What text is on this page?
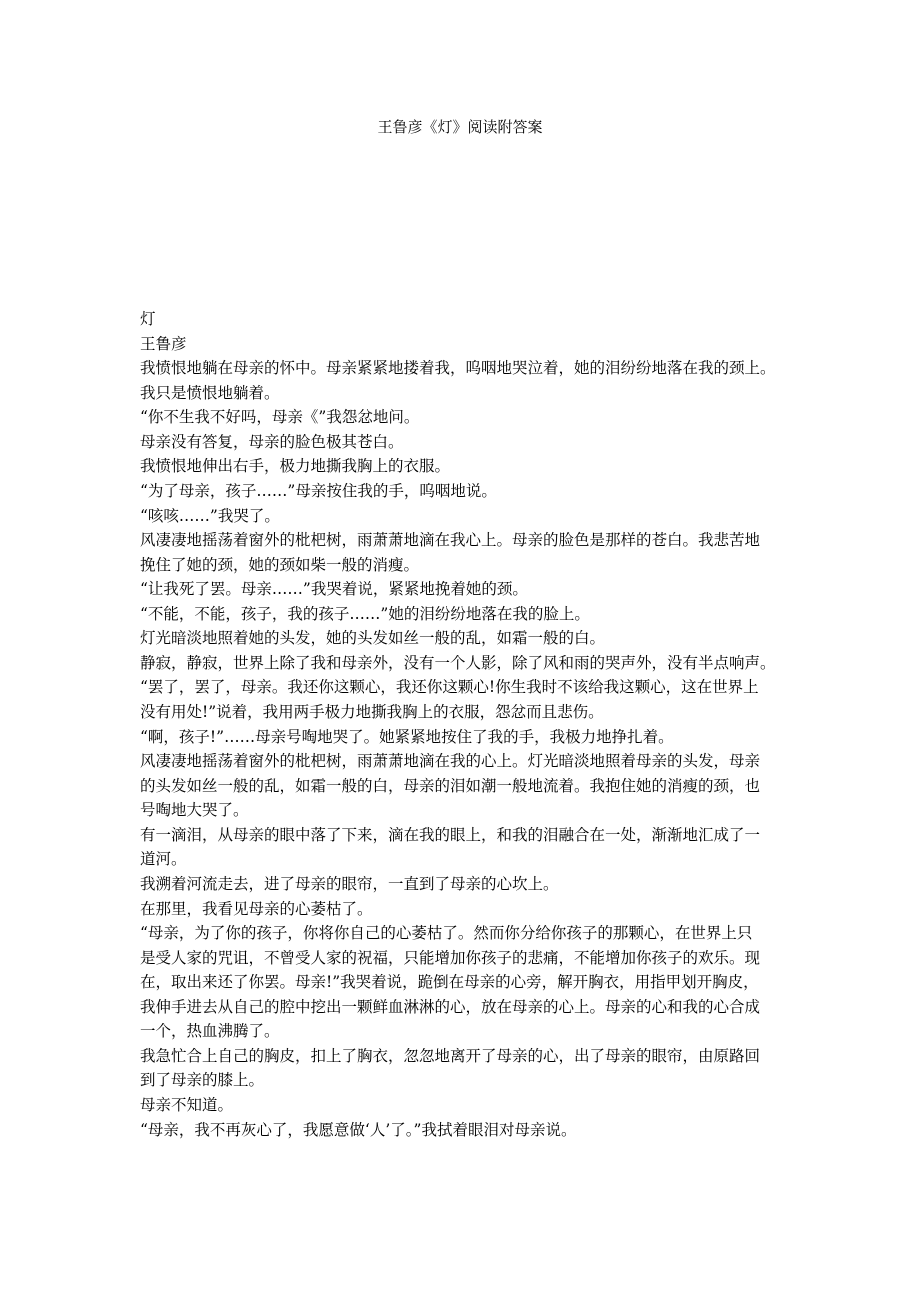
王鲁彦《灯》阅读附答案
灯
王鲁彦
我愤恨地躺在母亲的怀中。母亲紧紧地搂着我，呜咽地哭泣着，她的泪纷纷地落在我的颈上。
我只是愤恨地躺着。
“你不生我不好吗，母亲《”我怨忿地问。
母亲没有答复，母亲的脸色极其苍白。
我愤恨地伸出右手，极力地撕我胸上的衣服。
“为了母亲，孩子……”母亲按住我的手，呜咽地说。
“咳咳……”我哭了。
风凄凄地摇荡着窗外的枇杷树，雨萧萧地滴在我心上。母亲的脸色是那样的苍白。我悲苦地
挽住了她的颈，她的颈如柴一般的消瘦。
“让我死了罢。母亲……”我哭着说，紧紧地挽着她的颈。
“不能，不能，孩子，我的孩子……”她的泪纷纷地落在我的脸上。
灯光暗淡地照着她的头发，她的头发如丝一般的乱，如霜一般的白。
静寂，静寂，世界上除了我和母亲外，没有一个人影，除了风和雨的哭声外，没有半点响声。
“罢了，罢了，母亲。我还你这颗心，我还你这颗心!你生我时不该给我这颗心，这在世界上
没有用处!”说着，我用两手极力地撕我胸上的衣服，怨忿而且悲伤。
“啊，孩子!”……母亲号啕地哭了。她紧紧地按住了我的手，我极力地挣扎着。
风凄凄地摇荡着窗外的枇杷树，雨萧萧地滴在我的心上。灯光暗淡地照着母亲的头发，母亲
的头发如丝一般的乱，如霜一般的白，母亲的泪如潮一般地流着。我抱住她的消瘦的颈，也
号啕地大哭了。
有一滴泪，从母亲的眼中落了下来，滴在我的眼上，和我的泪融合在一处，渐渐地汇成了一
道河。
我溯着河流走去，进了母亲的眼帘，一直到了母亲的心坎上。
在那里，我看见母亲的心萎枯了。
“母亲，为了你的孩子，你将你自己的心萎枯了。然而你分给你孩子的那颗心，在世界上只
是受人家的咒诅，不曾受人家的祝福，只能增加你孩子的悲痛，不能增加你孩子的欢乐。现
在，取出来还了你罢。母亲!”我哭着说，跪倒在母亲的心旁，解开胸衣，用指甲划开胸皮，
我伸手进去从自己的腔中挖出一颗鲜血淋淋的心，放在母亲的心上。母亲的心和我的心合成
一个，热血沸腾了。
我急忙合上自己的胸皮，扣上了胸衣，忽忽地离开了母亲的心，出了母亲的眼帘，由原路回
到了母亲的膝上。
母亲不知道。
“母亲，我不再灰心了，我愿意做‘人’了。”我拭着眼泪对母亲说。
